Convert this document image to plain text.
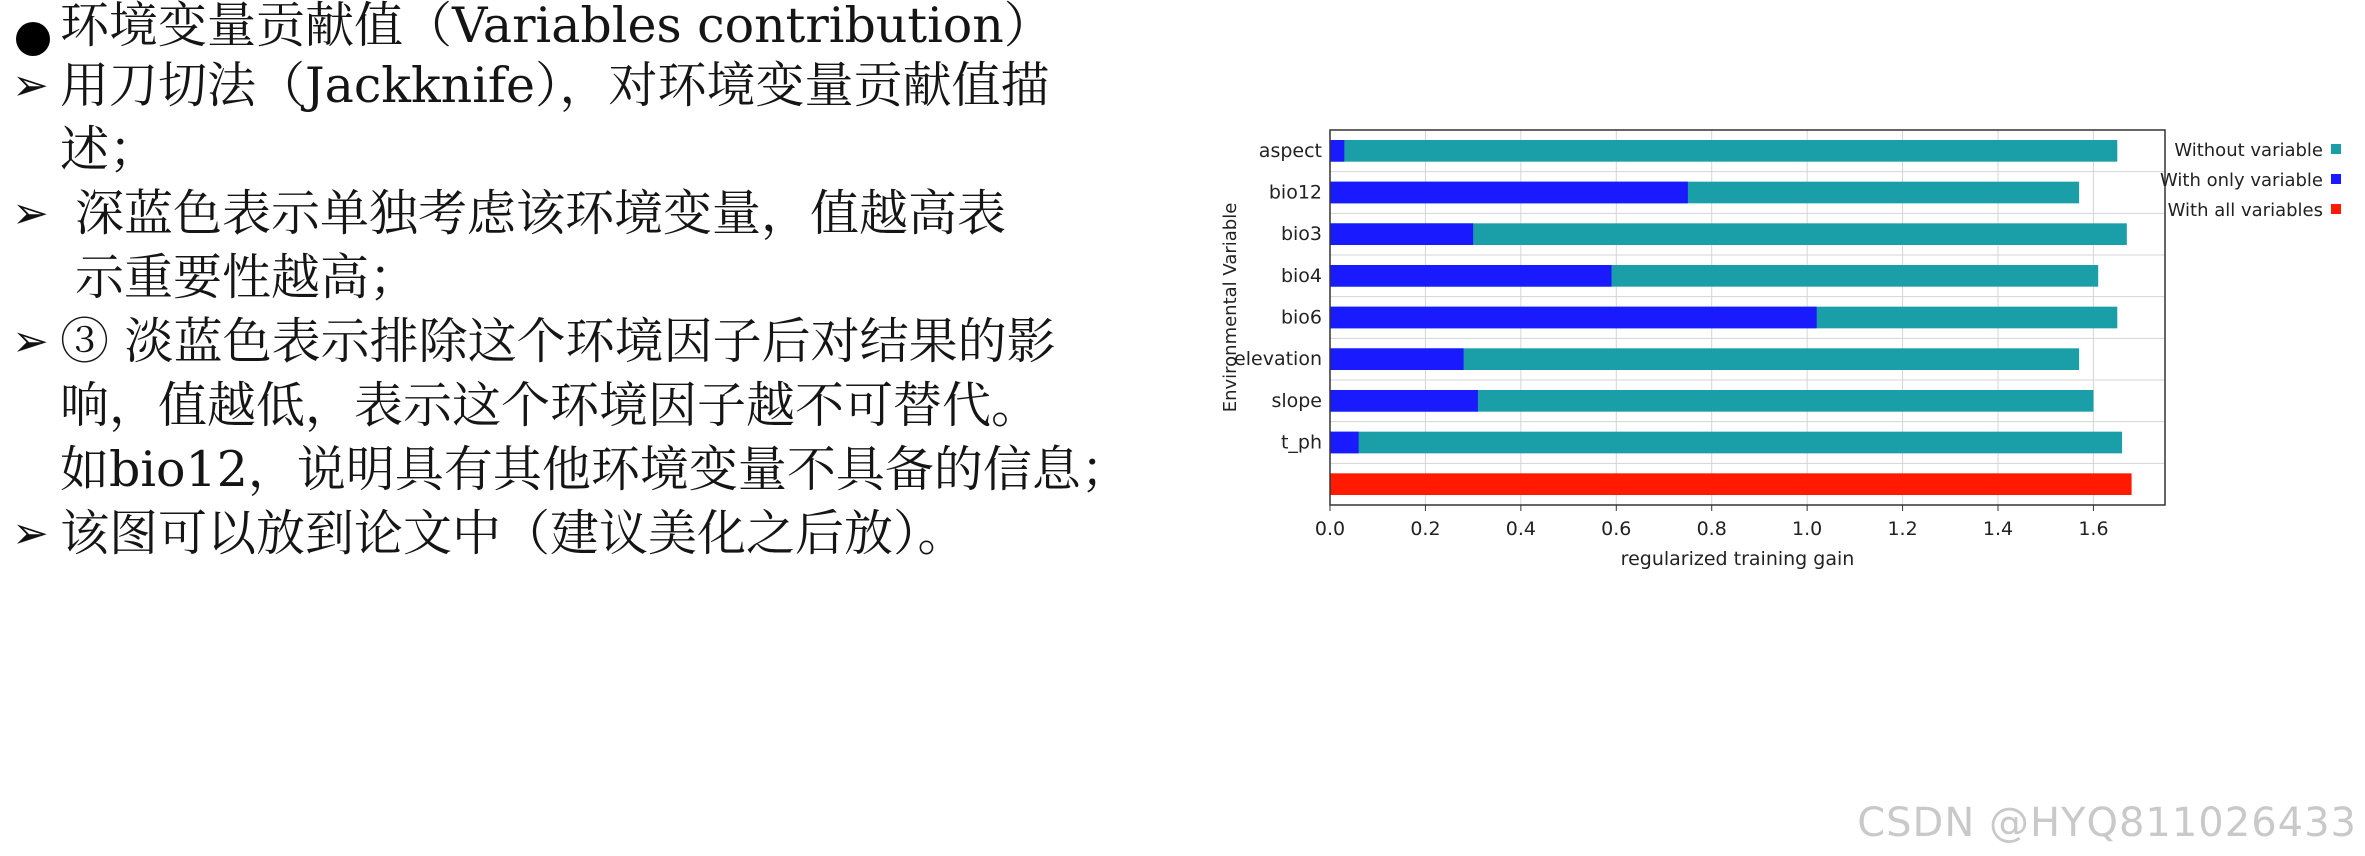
环境变量贡献值（Variables contribution）
➢ 用刀切法（Jackknife），对环境变量贡献值描
述；
➢ 深蓝色表示单独考虑该环境变量，值越高表
示重要性越高；
➢ ③ 淡蓝色表示排除这个环境因子后对结果的影
响，值越低，表示这个环境因子越不可替代。
如bio12，说明具有其他环境变量不具备的信息；
➢ 该图可以放到论文中（建议美化之后放）。
aspect
bio12
bio3
bio4
bio6
elevation
slope
t_ph
0.0	0.2	0.4	0.6	0.8	1.0	1.2	1.4	1.6
regularized training gain
Environmental Variable
Without variable
With only variable
With all variables
CSDN @HYQ811026433
